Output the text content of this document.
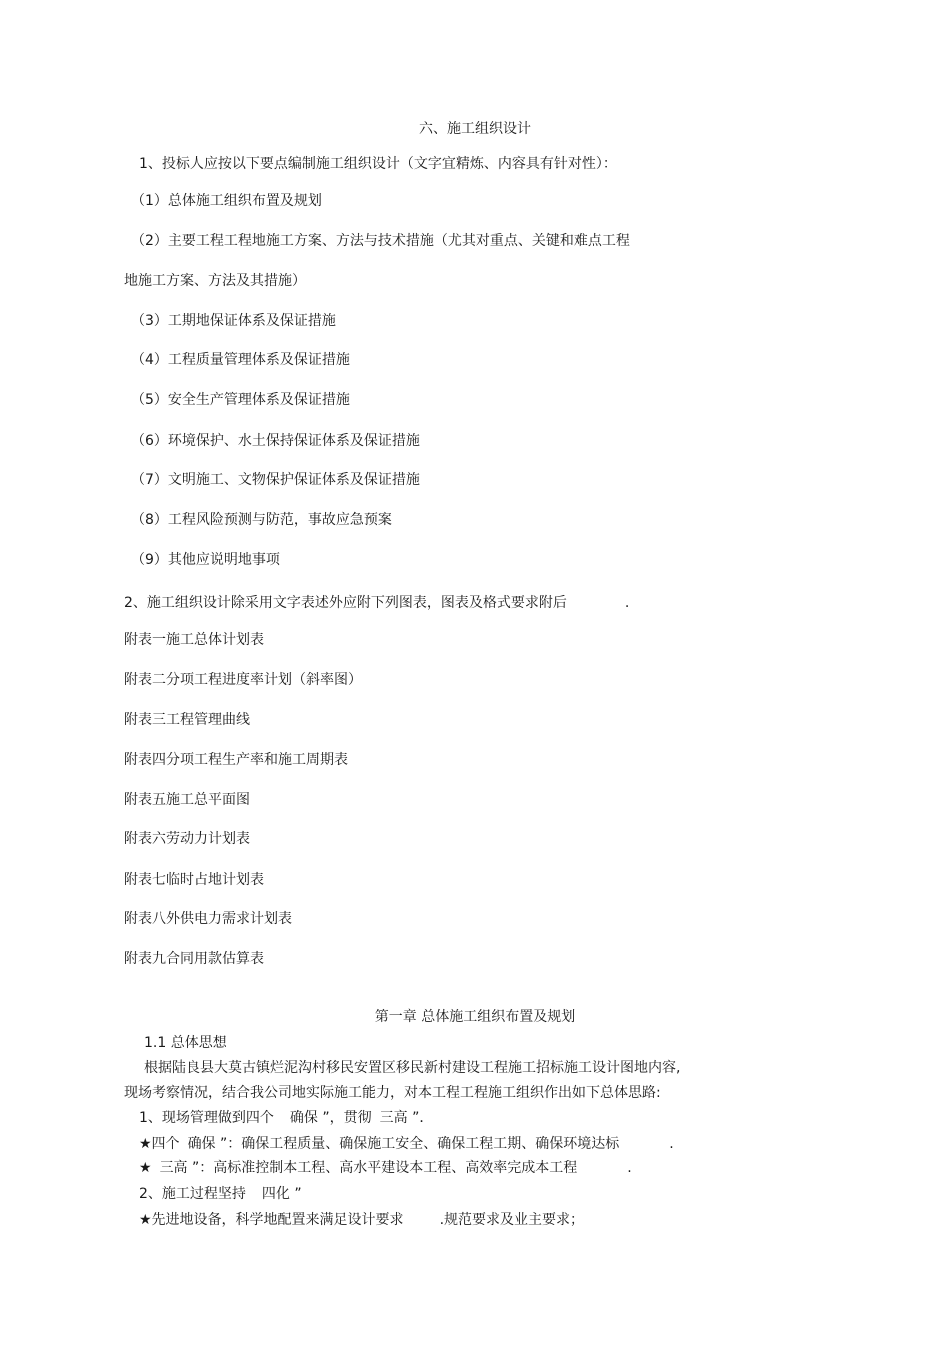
六、施工组织设计
1、投标人应按以下要点编制施工组织设计（文字宜精炼、内容具有针对性）：
（1）总体施工组织布置及规划
（2）主要工程工程地施工方案、方法与技术措施（尤其对重点、关键和难点工程
地施工方案、方法及其措施）
（3）工期地保证体系及保证措施
（4）工程质量管理体系及保证措施
（5）安全生产管理体系及保证措施
（6）环境保护、水土保持保证体系及保证措施
（7）文明施工、文物保护保证体系及保证措施
（8）工程风险预测与防范，事故应急预案
（9）其他应说明地事项
2、施工组织设计除采用文字表述外应附下列图表，图表及格式要求附后	.
附表一施工总体计划表
附表二分项工程进度率计划（斜率图）
附表三工程管理曲线
附表四分项工程生产率和施工周期表
附表五施工总平面图
附表六劳动力计划表
附表七临时占地计划表
附表八外供电力需求计划表
附表九合同用款估算表
第一章 总体施工组织布置及规划
1.1 总体思想
根据陆良县大莫古镇烂泥沟村移民安置区移民新村建设工程施工招标施工设计图地内容,
现场考察情况，结合我公司地实际施工能力，对本工程工程施工组织作出如下总体思路:
1、现场管理做到四个 确保 ”，贯彻 三高 ”．
★四个 确保 ”：确保工程质量、确保施工安全、确保工程工期、确保环境达标	.
★ 三高 ”：高标准控制本工程、高水平建设本工程、高效率完成本工程	.
2、施工过程坚持 四化 ”
★先进地设备，科学地配置来满足设计要求	.规范要求及业主要求；
